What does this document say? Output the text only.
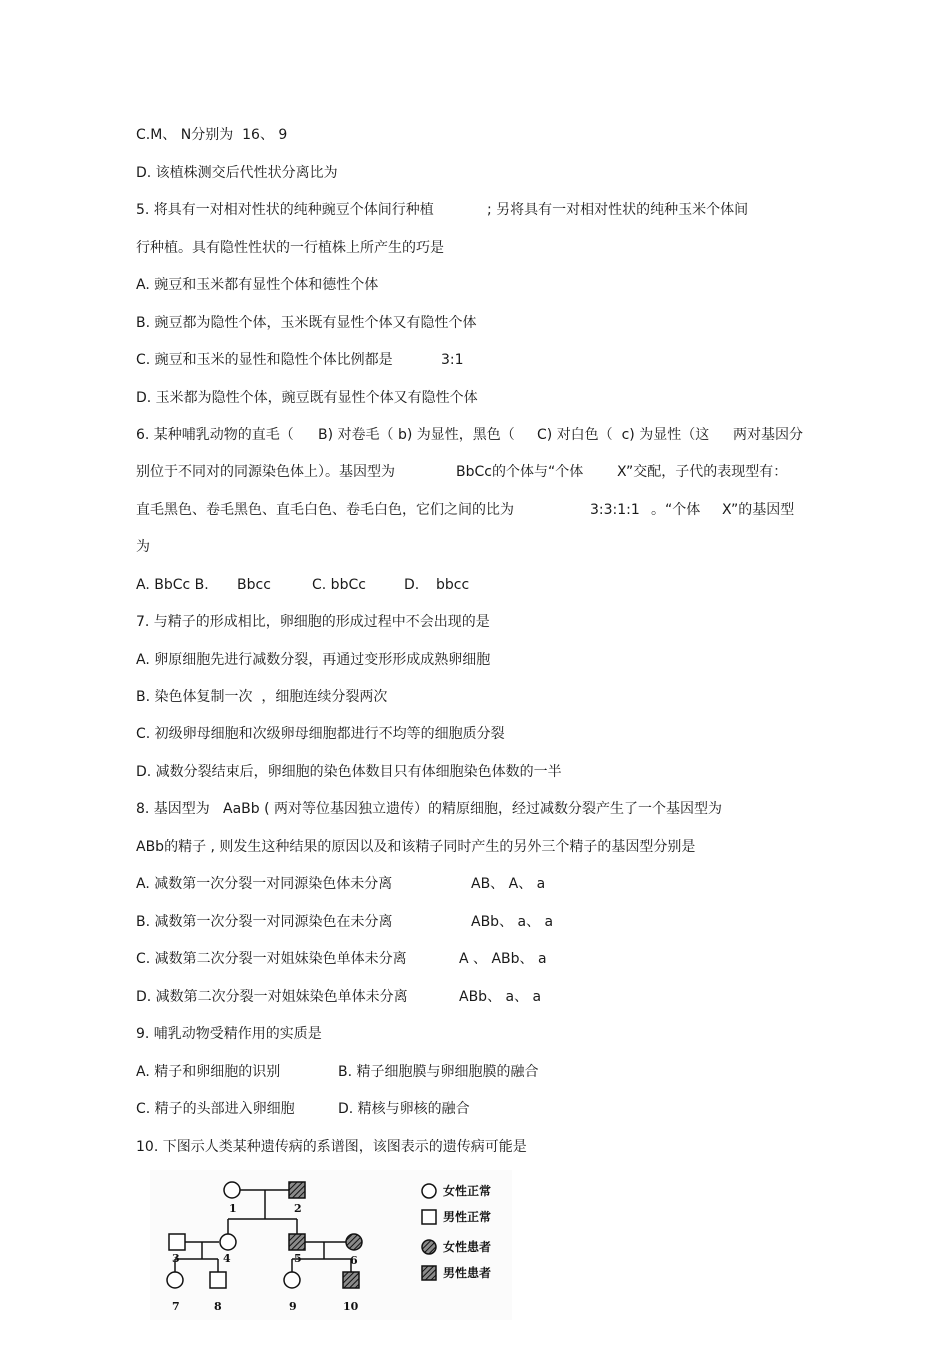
C.M、 N分别为  16、 9
D. 该植株测交后代性状分离比为
5. 将具有一对相对性状的纯种豌豆个体间行种植	; 另将具有一对相对性状的纯种玉米个体间
行种植。具有隐性性状的一行植株上所产生的巧是
A. 豌豆和玉米都有显性个体和德性个体
B. 豌豆都为隐性个体，玉米既有显性个体又有隐性个体
C. 豌豆和玉米的显性和隐性个体比例都是	3:1
D. 玉米都为隐性个体，豌豆既有显性个体又有隐性个体
6. 某种哺乳动物的直毛（ B) 对卷毛（ b) 为显性，黑色（ C) 对白色（  c) 为显性（这 两对基因分
别位于不同对的同源染色体上）。基因型为	BbCc的个体与“个体 X”交配，子代的表现型有：
直毛黑色、卷毛黑色、直毛白色、卷毛白色，它们之间的比为	3:3:1:1 。“个体 X”的基因型
为
A. BbCc B. Bbcc	C. bbCc	D. bbcc
7. 与精子的形成相比，卵细胞的形成过程中不会出现的是
A. 卵原细胞先进行减数分裂，再通过变形形成成熟卵细胞
B. 染色体复制一次  ，细胞连续分裂两次
C. 初级卵母细胞和次级卵母细胞都进行不均等的细胞质分裂
D. 减数分裂结束后，卵细胞的染色体数目只有体细胞染色体数的一半
8. 基因型为 AaBb ( 两对等位基因独立遗传）的精原细胞，经过减数分裂产生了一个基因型为
ABb的精子 , 则发生这种结果的原因以及和该精子同时产生的另外三个精子的基因型分别是
A. 减数第一次分裂一对同源染色体未分离	AB、 A、 a
B. 减数第一次分裂一对同源染色在未分离	ABb、 a、 a
C. 减数第二次分裂一对姐妹染色单体未分离	A 、 ABb、 a
D. 减数第二次分裂一对姐妹染色单体未分离	ABb、 a、 a
9. 哺乳动物受精作用的实质是
A. 精子和卵细胞的识别	B. 精子细胞膜与卵细胞膜的融合
C. 精子的头部进入卵细胞	D. 精核与卵核的融合
10. 下图示人类某种遗传病的系谱图，该图表示的遗传病可能是
1	2
3	4	5	6
7	8	9	10
女性正常
男性正常
女性患者
男性患者
